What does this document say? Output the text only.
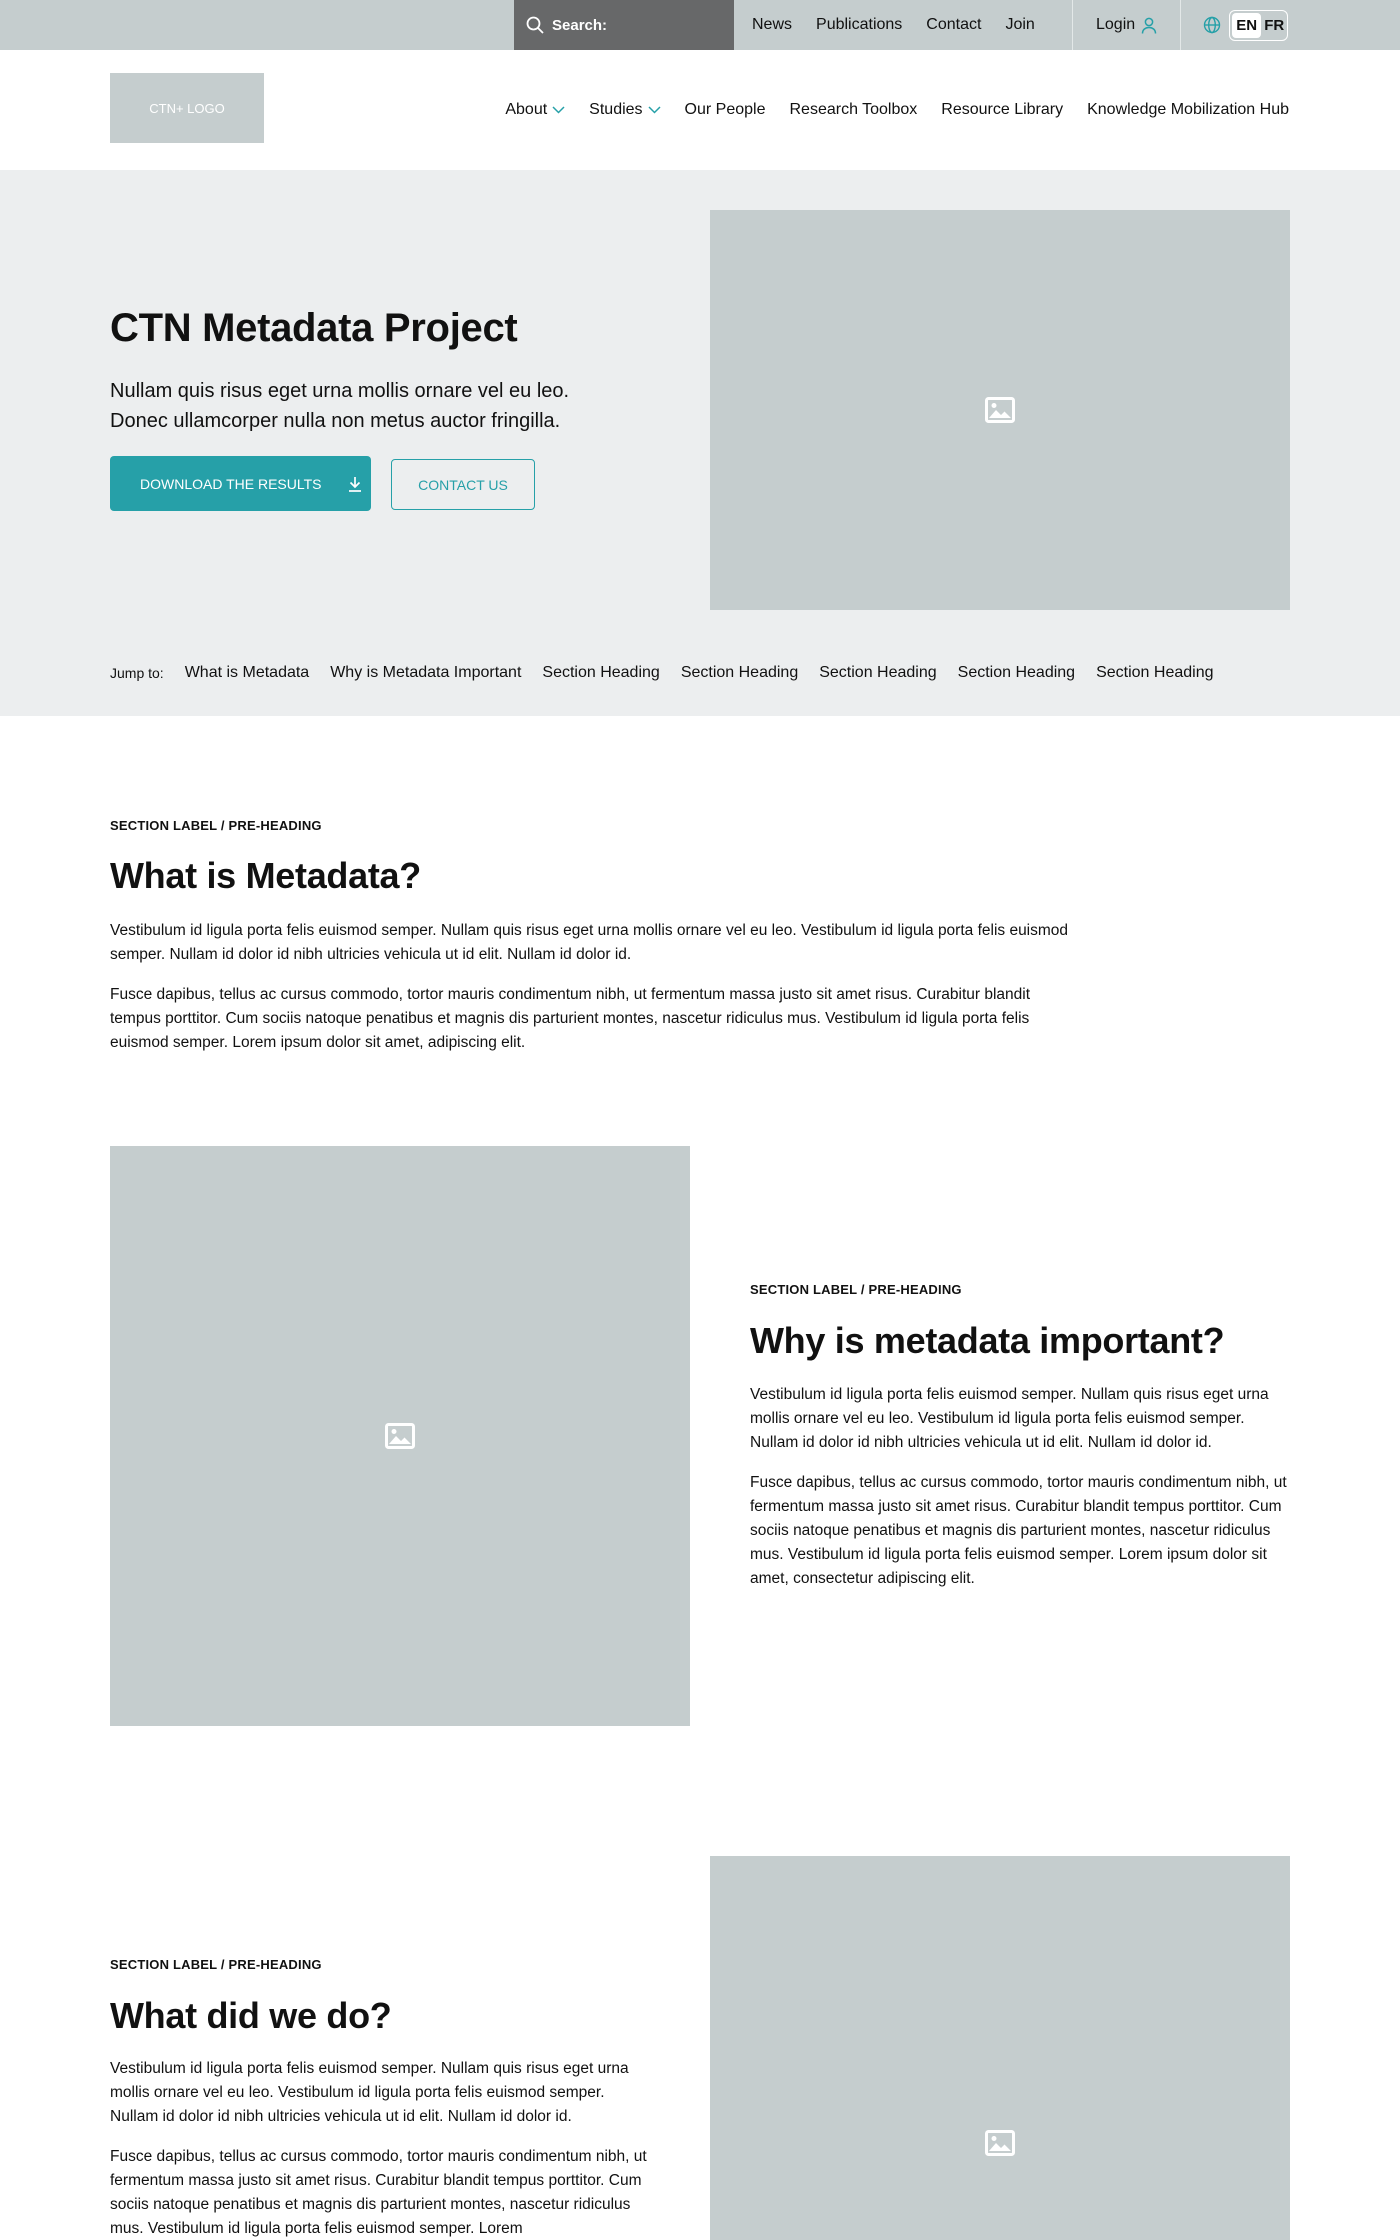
Search:	News Publications Contact Join	Login	EN FR
CTN+ LOGO	About	Studies	Our People Research Toolbox Resource Library Knowledge Mobilization Hub
CTN Metadata Project

Nullam quis risus eget urna mollis ornare vel eu leo. Donec ullamcorper nulla non metus auctor fringilla.

DOWNLOAD THE RESULTS	CONTACT US
Jump to: What is Metadata Why is Metadata Important Section Heading Section Heading Section Heading Section Heading Section Heading
SECTION LABEL / PRE-HEADING
What is Metadata?

Vestibulum id ligula porta felis euismod semper. Nullam quis risus eget urna mollis ornare vel eu leo. Vestibulum id ligula porta felis euismod semper. Nullam id dolor id nibh ultricies vehicula ut id elit. Nullam id dolor id.

Fusce dapibus, tellus ac cursus commodo, tortor mauris condimentum nibh, ut fermentum massa justo sit amet risus. Curabitur blandit tempus porttitor. Cum sociis natoque penatibus et magnis dis parturient montes, nascetur ridiculus mus. Vestibulum id ligula porta felis euismod semper. Lorem ipsum dolor sit amet, adipiscing elit.

SECTION LABEL / PRE-HEADING
Why is metadata important?

Vestibulum id ligula porta felis euismod semper. Nullam quis risus eget urna mollis ornare vel eu leo. Vestibulum id ligula porta felis euismod semper. Nullam id dolor id nibh ultricies vehicula ut id elit. Nullam id dolor id.

Fusce dapibus, tellus ac cursus commodo, tortor mauris condimentum nibh, ut fermentum massa justo sit amet risus. Curabitur blandit tempus porttitor. Cum sociis natoque penatibus et magnis dis parturient montes, nascetur ridiculus mus. Vestibulum id ligula porta felis euismod semper. Lorem ipsum dolor sit amet, consectetur adipiscing elit.

SECTION LABEL / PRE-HEADING
What did we do?

Vestibulum id ligula porta felis euismod semper. Nullam quis risus eget urna mollis ornare vel eu leo. Vestibulum id ligula porta felis euismod semper. Nullam id dolor id nibh ultricies vehicula ut id elit. Nullam id dolor id.

Fusce dapibus, tellus ac cursus commodo, tortor mauris condimentum nibh, ut fermentum massa justo sit amet risus. Curabitur blandit tempus porttitor. Cum sociis natoque penatibus et magnis dis parturient montes, nascetur ridiculus mus. Vestibulum id ligula porta felis euismod semper. Lorem
